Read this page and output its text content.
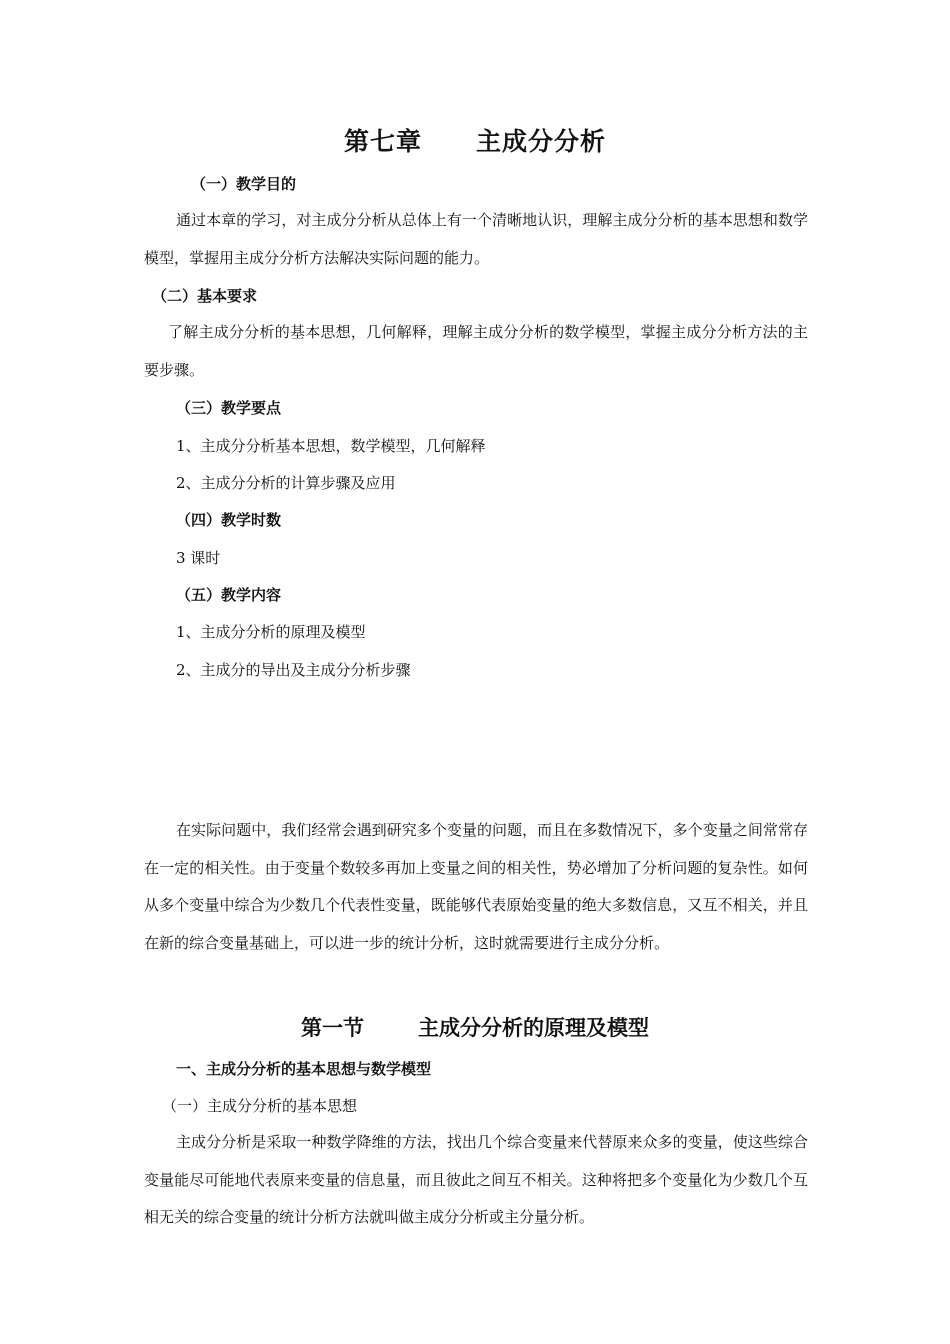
第七章 主成分分析
（一）教学目的
通过本章的学习，对主成分分析从总体上有一个清晰地认识，理解主成分分析的基本思想和数学模型，掌握用主成分分析方法解决实际问题的能力。
（二）基本要求
了解主成分分析的基本思想，几何解释，理解主成分分析的数学模型，掌握主成分分析方法的主要步骤。
（三）教学要点
1、主成分分析基本思想，数学模型，几何解释
2、主成分分析的计算步骤及应用
（四）教学时数
3 课时
（五）教学内容
1、主成分分析的原理及模型
2、主成分的导出及主成分分析步骤
在实际问题中，我们经常会遇到研究多个变量的问题，而且在多数情况下，多个变量之间常常存在一定的相关性。由于变量个数较多再加上变量之间的相关性，势必增加了分析问题的复杂性。如何从多个变量中综合为少数几个代表性变量，既能够代表原始变量的绝大多数信息，又互不相关，并且在新的综合变量基础上，可以进一步的统计分析，这时就需要进行主成分分析。
第一节	主成分分析的原理及模型
一、主成分分析的基本思想与数学模型
（一）主成分分析的基本思想
主成分分析是采取一种数学降维的方法，找出几个综合变量来代替原来众多的变量，使这些综合变量能尽可能地代表原来变量的信息量，而且彼此之间互不相关。这种将把多个变量化为少数几个互相无关的综合变量的统计分析方法就叫做主成分分析或主分量分析。
